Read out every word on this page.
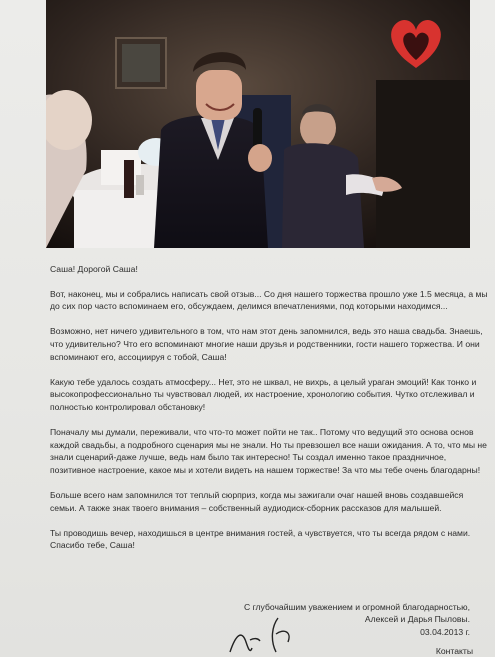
Саша! Дорогой Саша!

Вот, наконец, мы и собрались написать свой отзыв... Со дня нашего торжества прошло уже 1.5 месяца, а мы до сих пор часто вспоминаем его, обсуждаем, делимся впечатлениями, под которыми находимся...

Возможно, нет ничего удивительного в том, что нам этот день запомнился, ведь это наша свадьба. Знаешь, что удивительно? Что его вспоминают многие наши друзья и родственники, гости нашего торжества. И они вспоминают его, ассоциируя с тобой, Саша!

Какую тебе удалось создать атмосферу... Нет, это не шквал, не вихрь, а целый ураган эмоций! Как тонко и высокопрофессионально ты чувствовал людей, их настроение, хронологию события. Чутко отслеживал и полностью контролировал обстановку!

Поначалу мы думали, переживали, что что-то может пойти не так.. Потому что ведущий это основа основ каждой свадьбы, а подробного сценария мы не знали. Но ты превзошел все наши ожидания. А то, что мы не знали сценарий-даже лучше, ведь нам было так интересно! Ты создал именно такое праздничное, позитивное настроение, какое мы и хотели видеть на нашем торжестве! За что мы тебе очень благодарны!

Больше всего нам запомнился тот теплый сюрприз, когда мы зажигали очаг нашей вновь создавшейся семьи. А также знак твоего внимания – собственный аудиодиск-сборник рассказов для малышей.

Ты проводишь вечер, находишься в центре внимания гостей, а чувствуется, что ты всегда рядом с нами. Спасибо тебе, Саша!

С глубочайшим уважением и огромной благодарностью,
Алексей и Дарья Пыловы.
03.04.2013 г.
Контакты
